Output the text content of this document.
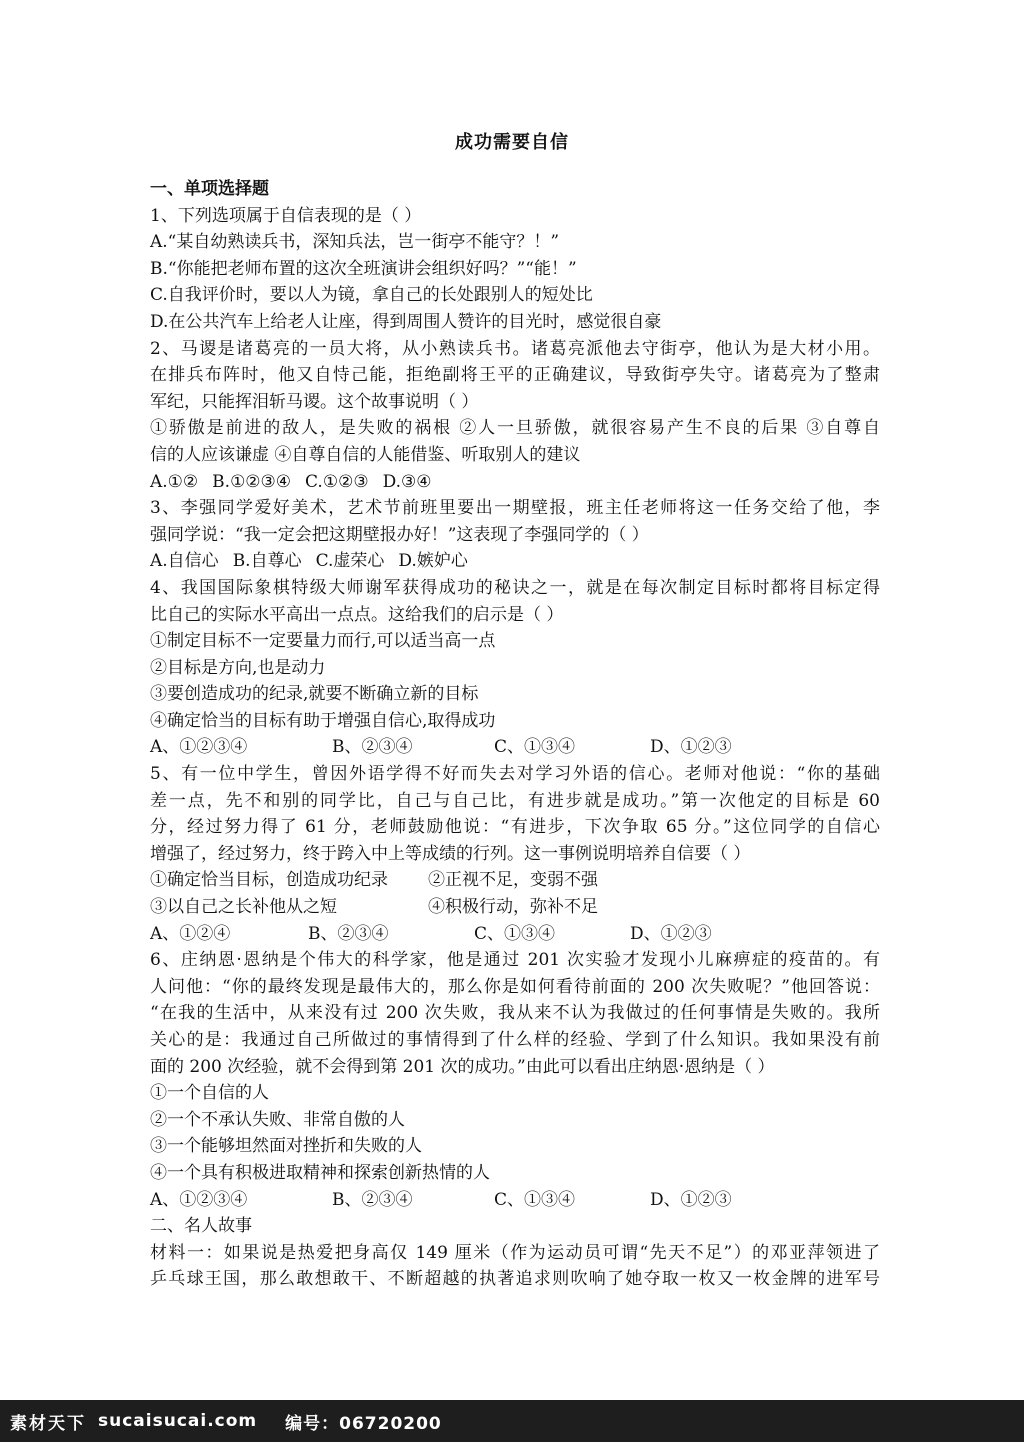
成功需要自信
一、单项选择题
1、下列选项属于自信表现的是（ ）
A.“某自幼熟读兵书，深知兵法，岂一街亭不能守？！”
B.“你能把老师布置的这次全班演讲会组织好吗？”“能！”
C.自我评价时，要以人为镜，拿自己的长处跟别人的短处比
D.在公共汽车上给老人让座，得到周围人赞许的目光时，感觉很自豪
2、马谡是诸葛亮的一员大将，从小熟读兵书。诸葛亮派他去守街亭，他认为是大材小用。
在排兵布阵时，他又自恃己能，拒绝副将王平的正确建议，导致街亭失守。诸葛亮为了整肃
军纪，只能挥泪斩马谡。这个故事说明（ ）
①骄傲是前进的敌人，是失败的祸根 ②人一旦骄傲，就很容易产生不良的后果 ③自尊自
信的人应该谦虚 ④自尊自信的人能借鉴、听取别人的建议
A.①② B.①②③④ C.①②③ D.③④
3、李强同学爱好美术，艺术节前班里要出一期壁报，班主任老师将这一任务交给了他，李
强同学说：“我一定会把这期壁报办好！”这表现了李强同学的（ ）
A.自信心 B.自尊心 C.虚荣心 D.嫉妒心
4、我国国际象棋特级大师谢军获得成功的秘诀之一，就是在每次制定目标时都将目标定得
比自己的实际水平高出一点点。这给我们的启示是（ ）
①制定目标不一定要量力而行,可以适当高一点
②目标是方向,也是动力
③要创造成功的纪录,就要不断确立新的目标
④确定恰当的目标有助于增强自信心,取得成功
A、①②③④	B、②③④	C、①③④	D、①②③
5、有一位中学生，曾因外语学得不好而失去对学习外语的信心。老师对他说：“你的基础
差一点，先不和别的同学比，自己与自己比，有进步就是成功。”第一次他定的目标是 60
分，经过努力得了 61 分，老师鼓励他说：“有进步，下次争取 65 分。”这位同学的自信心
增强了，经过努力，终于跨入中上等成绩的行列。这一事例说明培养自信要（ ）
①确定恰当目标，创造成功纪录	②正视不足，变弱不强
③以自己之长补他从之短	④积极行动，弥补不足
A、①②④	B、②③④	C、①③④	D、①②③
6、庄纳恩·恩纳是个伟大的科学家，他是通过 201 次实验才发现小儿麻痹症的疫苗的。有
人问他：“你的最终发现是最伟大的，那么你是如何看待前面的 200 次失败呢？”他回答说：
“在我的生活中，从来没有过 200 次失败，我从来不认为我做过的任何事情是失败的。我所
关心的是：我通过自己所做过的事情得到了什么样的经验、学到了什么知识。我如果没有前
面的 200 次经验，就不会得到第 201 次的成功。”由此可以看出庄纳恩·恩纳是（ ）
①一个自信的人
②一个不承认失败、非常自傲的人
③一个能够坦然面对挫折和失败的人
④一个具有积极进取精神和探索创新热情的人
A、①②③④	B、②③④	C、①③④	D、①②③
二、名人故事
材料一：如果说是热爱把身高仅 149 厘米（作为运动员可谓“先天不足”）的邓亚萍领进了
乒乓球王国，那么敢想敢干、不断超越的执著追求则吹响了她夺取一枚又一枚金牌的进军号
素材天下 sucaisucai.com 编号：06720200
